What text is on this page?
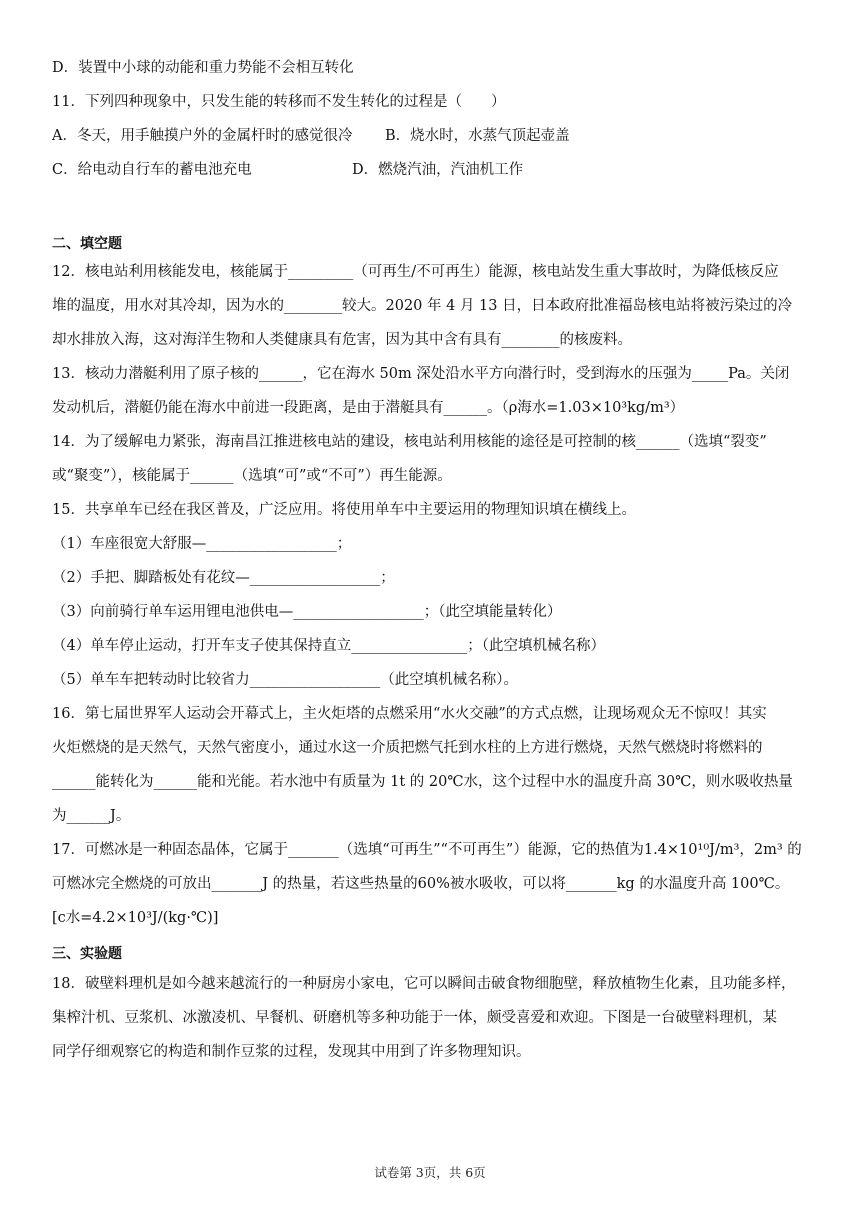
D．装置中小球的动能和重力势能不会相互转化
11．下列四种现象中，只发生能的转移而不发生转化的过程是（　　）
A．冬天，用手触摸户外的金属杆时的感觉很冷 B．烧水时，水蒸气顶起壶盖
C．给电动自行车的蓄电池充电	D．燃烧汽油，汽油机工作
二、填空题
12．核电站利用核能发电，核能属于_________（可再生/不可再生）能源，核电站发生重大事故时，为降低核反应
堆的温度，用水对其冷却，因为水的________较大。2020 年 4 月 13 日，日本政府批准福岛核电站将被污染过的冷
却水排放入海，这对海洋生物和人类健康具有危害，因为其中含有具有________的核废料。
13．核动力潜艇利用了原子核的______，它在海水 50m 深处沿水平方向潜行时，受到海水的压强为_____Pa。关闭
发动机后，潜艇仍能在海水中前进一段距离，是由于潜艇具有______。（ρ海水=1.03×10³kg/m³）
14．为了缓解电力紧张，海南昌江推进核电站的建设，核电站利用核能的途径是可控制的核______（选填“裂变”
或“聚变”），核能属于______（选填“可”或“不可”）再生能源。
15．共享单车已经在我区普及，广泛应用。将使用单车中主要运用的物理知识填在横线上。
（1）车座很宽大舒服—__________________；
（2）手把、脚踏板处有花纹—__________________；
（3）向前骑行单车运用锂电池供电—__________________；（此空填能量转化）
（4）单车停止运动，打开车支子使其保持直立________________；（此空填机械名称）
（5）单车车把转动时比较省力__________________（此空填机械名称）。
16．第七届世界军人运动会开幕式上，主火炬塔的点燃采用“水火交融”的方式点燃，让现场观众无不惊叹！其实
火炬燃烧的是天然气，天然气密度小，通过水这一介质把燃气托到水柱的上方进行燃烧，天然气燃烧时将燃料的
______能转化为______能和光能。若水池中有质量为 1t 的 20℃水，这个过程中水的温度升高 30℃，则水吸收热量
为______J。
17．可燃冰是一种固态晶体，它属于_______（选填“可再生”“不可再生”）能源，它的热值为1.4×10¹⁰J/m³，2m³ 的
可燃冰完全燃烧的可放出_______J 的热量，若这些热量的60%被水吸收，可以将_______kg 的水温度升高 100℃。
[c水=4.2×10³J/(kg·℃)]
三、实验题
18．破壁料理机是如今越来越流行的一种厨房小家电，它可以瞬间击破食物细胞壁，释放植物生化素，且功能多样，
集榨汁机、豆浆机、冰激凌机、早餐机、研磨机等多种功能于一体，颇受喜爱和欢迎。下图是一台破壁料理机，某
同学仔细观察它的构造和制作豆浆的过程，发现其中用到了许多物理知识。
试卷第 3页，共 6页
